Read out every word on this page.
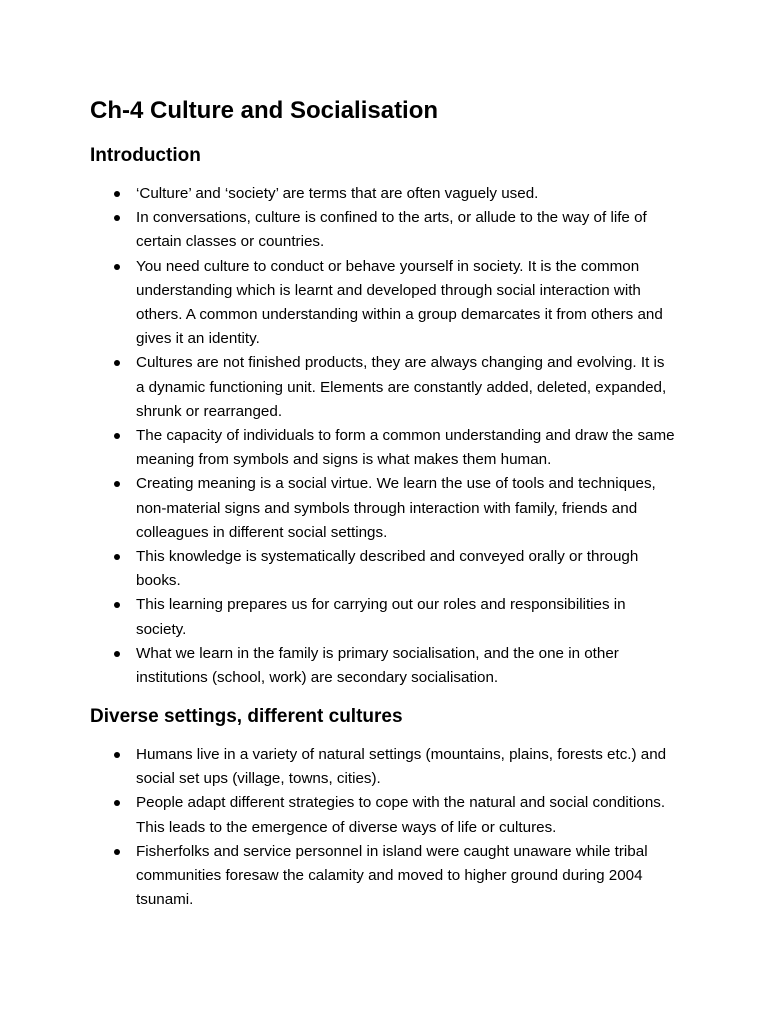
Ch-4 Culture and Socialisation
Introduction
‘Culture’ and ‘society’ are terms that are often vaguely used.
In conversations, culture is confined to the arts, or allude to the way of life of certain classes or countries.
You need culture to conduct or behave yourself in society. It is the common understanding which is learnt and developed through social interaction with others. A common understanding within a group demarcates it from others and gives it an identity.
Cultures are not finished products, they are always changing and evolving. It is a dynamic functioning unit. Elements are constantly added, deleted, expanded, shrunk or rearranged.
The capacity of individuals to form a common understanding and draw the same meaning from symbols and signs is what makes them human.
Creating meaning is a social virtue. We learn the use of tools and techniques, non-material signs and symbols through interaction with family, friends and colleagues in different social settings.
This knowledge is systematically described and conveyed orally or through books.
This learning prepares us for carrying out our roles and responsibilities in society.
What we learn in the family is primary socialisation, and the one in other institutions (school, work) are secondary socialisation.
Diverse settings, different cultures
Humans live in a variety of natural settings (mountains, plains, forests etc.) and social set ups (village, towns, cities).
People adapt different strategies to cope with the natural and social conditions. This leads to the emergence of diverse ways of life or cultures.
Fisherfolks and service personnel in island were caught unaware while tribal communities foresaw the calamity and moved to higher ground during 2004 tsunami.
